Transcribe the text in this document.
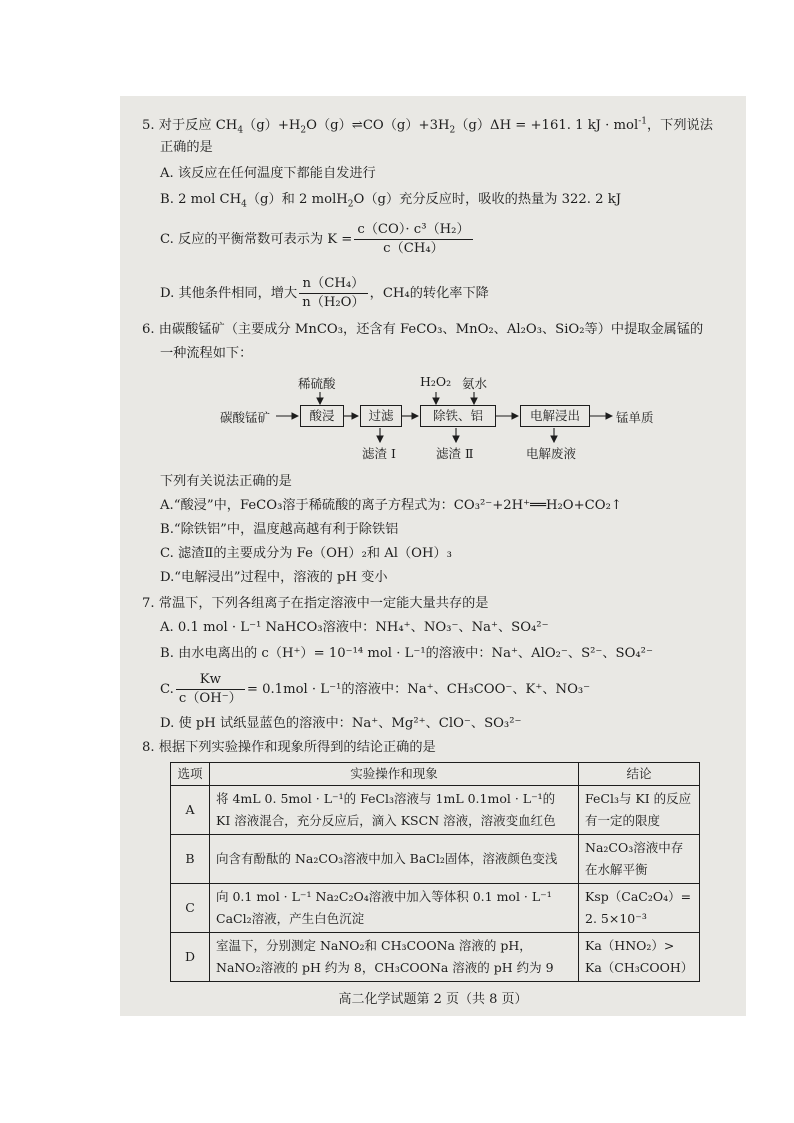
5. 对于反应 $CH_4(g)+H_2O(g)\rightleftharpoons CO(g)+3H_2(g)\Delta H = +161$. 1 kJ · mol$^{-1}$，下列说法
正确的是
A. 该反应在任何温度下都能自发进行
B. 2 mol $CH_4(g)$和 2 molH$_2$O（g）充分反应时，吸收的热量为 322. 2 kJ
C. 反应的平衡常数可表示为 $K = \frac{\text{c（CO）· c³（H₂）}}{\text{c（CH₄）}}$
D. 其他条件相同，增大 $\frac{\text{n（CH₄）}}{\text{n（H₂O）}}$ ，CH₄的转化率下降
6. 由碳酸锰矿（主要成分 MnCO₃，还含有 FeCO₃、MnO₂、Al₂O₃、SiO₂等）中提取金属锰的
一种流程如下：
碳酸锰矿
稀硫酸
酸浸	过滤
滤渣 Ⅰ
H₂O₂ 氨水
除铁、铝
滤渣 Ⅱ
电解浸出
电解废液
锰单质
下列有关说法正确的是
A.“酸浸”中，FeCO₃溶于稀硫酸的离子方程式为：CO₃²⁻+2H⁺══H₂O+CO₂↑
B.“除铁铝”中，温度越高越有利于除铁铝
C. 滤渣Ⅱ的主要成分为 Fe（OH）₂和 Al（OH）₃
D.“电解浸出”过程中，溶液的 pH 变小
7. 常温下，下列各组离子在指定溶液中一定能大量共存的是
A. 0.1 mol · L⁻¹ NaHCO₃溶液中：NH₄⁺、NO₃⁻、Na⁺、SO₄²⁻
B. 由水电离出的 c（H⁺）= 10⁻¹⁴ mol · L⁻¹的溶液中：Na⁺、AlO₂⁻、S²⁻、SO₄²⁻
C. $\frac{Kw}{c(OH^-)} = 0.1mol \cdot L^{-1}$的溶液中：Na⁺、CH₃COO⁻、K⁺、NO₃⁻
D. 使 pH 试纸显蓝色的溶液中：Na⁺、Mg²⁺、ClO⁻、SO₃²⁻
8. 根据下列实验操作和现象所得到的结论正确的是
选项	实验操作和现象	结论
A	将 4mL 0. 5mol · L⁻¹的 FeCl₃溶液与 1mL 0.1mol · L⁻¹的 KI 溶液混合，充分反应后，滴入 KSCN 溶液，溶液变血红色	FeCl₃与 KI 的反应有一定的限度
B	向含有酚酞的 Na₂CO₃溶液中加入 BaCl₂固体，溶液颜色变浅	Na₂CO₃溶液中存在水解平衡
C	向 0.1 mol · L⁻¹ Na₂C₂O₄溶液中加入等体积 0.1 mol · L⁻¹ CaCl₂溶液，产生白色沉淀	Ksp（CaC₂O₄）= 2. 5×10⁻³
D	室温下，分别测定 NaNO₂和 CH₃COONa 溶液的 pH，NaNO₂溶液的 pH 约为 8，CH₃COONa 溶液的 pH 约为 9	Ka（HNO₂）> Ka（CH₃COOH）
高二化学试题第 2 页（共 8 页）
